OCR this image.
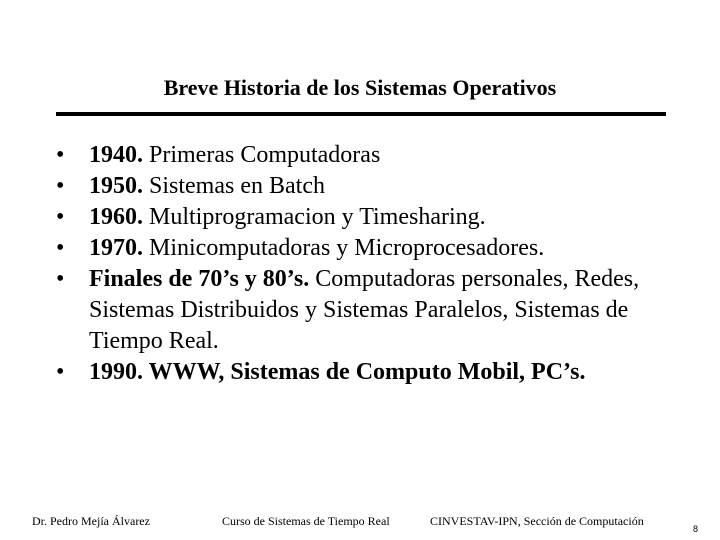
Breve Historia de los Sistemas Operativos
• 1940. Primeras Computadoras
• 1950. Sistemas en Batch
• 1960. Multiprogramacion y Timesharing.
• 1970. Minicomputadoras y Microprocesadores.
• Finales de 70’s y 80’s. Computadoras personales, Redes, Sistemas Distribuidos y Sistemas Paralelos, Sistemas de Tiempo Real.
• 1990. WWW, Sistemas de Computo Mobil, PC’s.
Dr. Pedro Mejía Álvarez	Curso de Sistemas de Tiempo Real	CINVESTAV-IPN, Sección de Computación
8
